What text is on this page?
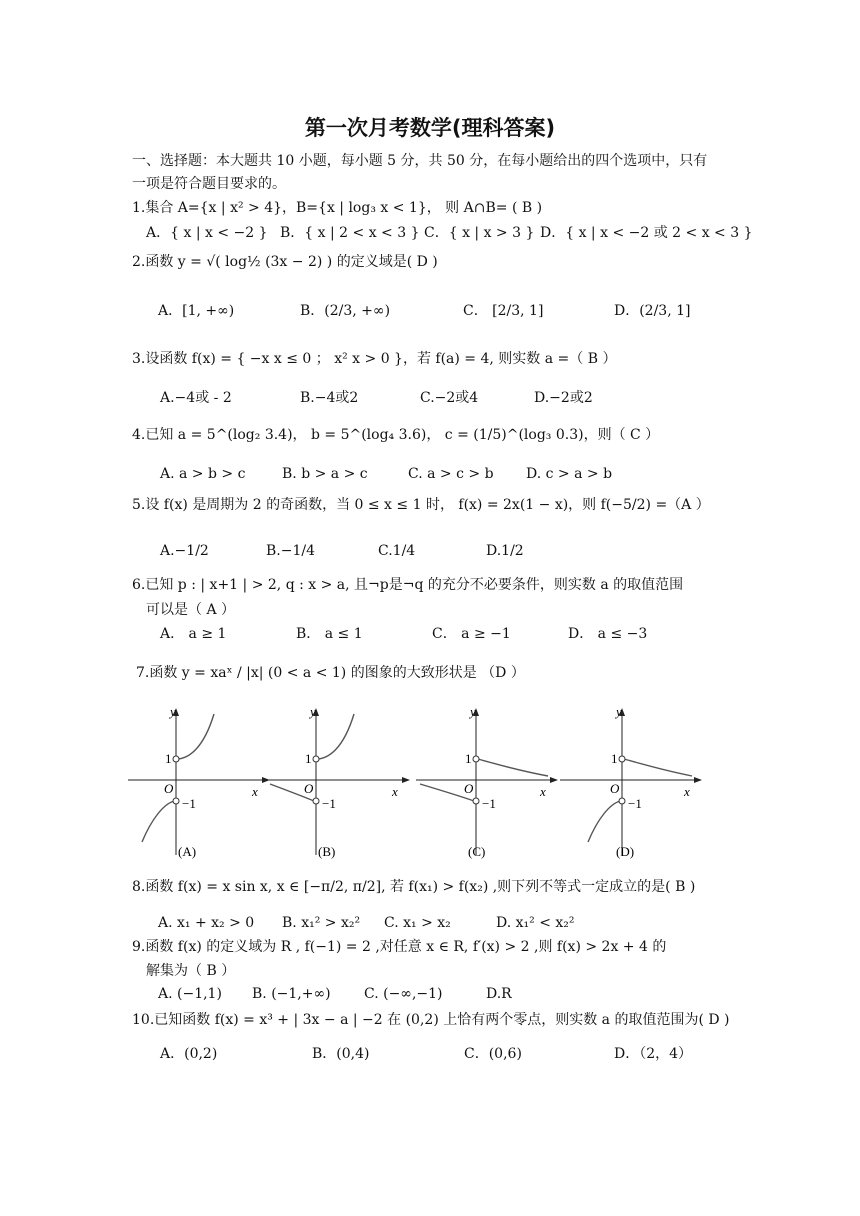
第一次月考数学(理科答案)
一、选择题：本大题共 10 小题，每小题 5 分，共 50 分，在每小题给出的四个选项中，只有
一项是符合题目要求的。
1.集合 A={x | x² > 4}，B={x | log₃ x < 1}， 则 A∩B= ( B )
A．{ x | x < −2 } B．{ x | 2 < x < 3 } C．{ x | x > 3 } D．{ x | x < −2 或 2 < x < 3 }
2.函数 y = √( log½ (3x − 2) ) 的定义域是( D )
A．[1, +∞)	B．(2/3, +∞)	C． [2/3, 1]	D．(2/3, 1]
3.设函数 f(x) = { −x x ≤ 0 ； x² x > 0 }，若 f(a) = 4, 则实数 a =（ B ）
A.−4或 - 2	B.−4或2	C.−2或4	D.−2或2
4.已知 a = 5^(log₂ 3.4)， b = 5^(log₄ 3.6)， c = (1/5)^(log₃ 0.3)，则（ C ）
A. a > b > c	B. b > a > c	C. a > c > b D. c > a > b
5.设 f(x) 是周期为 2 的奇函数，当 0 ≤ x ≤ 1 时， f(x) = 2x(1 − x)，则 f(−5/2) =（A ）
A.−1/2	B.−1/4	C.1/4	D.1/2
6.已知 p : | x+1 | > 2, q : x > a, 且¬p是¬q 的充分不必要条件，则实数 a 的取值范围
可以是（ A ）
A． a ≥ 1	B． a ≤ 1	C． a ≥ −1	D． a ≤ −3
7.函数 y = xaˣ / |x| (0 < a < 1) 的图象的大致形状是 （D ）
y
x
O
1
−1
(A)
y
x
O
1
−1
(B)
y
x
O
1
−1
(C)
y
x
O
1
−1
(D)
8.函数 f(x) = x sin x, x ∈ [−π/2, π/2], 若 f(x₁) > f(x₂) ,则下列不等式一定成立的是( B )
A. x₁ + x₂ > 0 B. x₁² > x₂² C. x₁ > x₂	D. x₁² < x₂²
9.函数 f(x) 的定义域为 R , f(−1) = 2 ,对任意 x ∈ R, f′(x) > 2 ,则 f(x) > 2x + 4 的
解集为（ B ）
A. (−1,1) B. (−1,+∞) C. (−∞,−1)	D.R
10.已知函数 f(x) = x³ + | 3x − a | −2 在 (0,2) 上恰有两个零点，则实数 a 的取值范围为( D )
A．(0,2)	B．(0,4)	C．(0,6)	D．（2，4）
